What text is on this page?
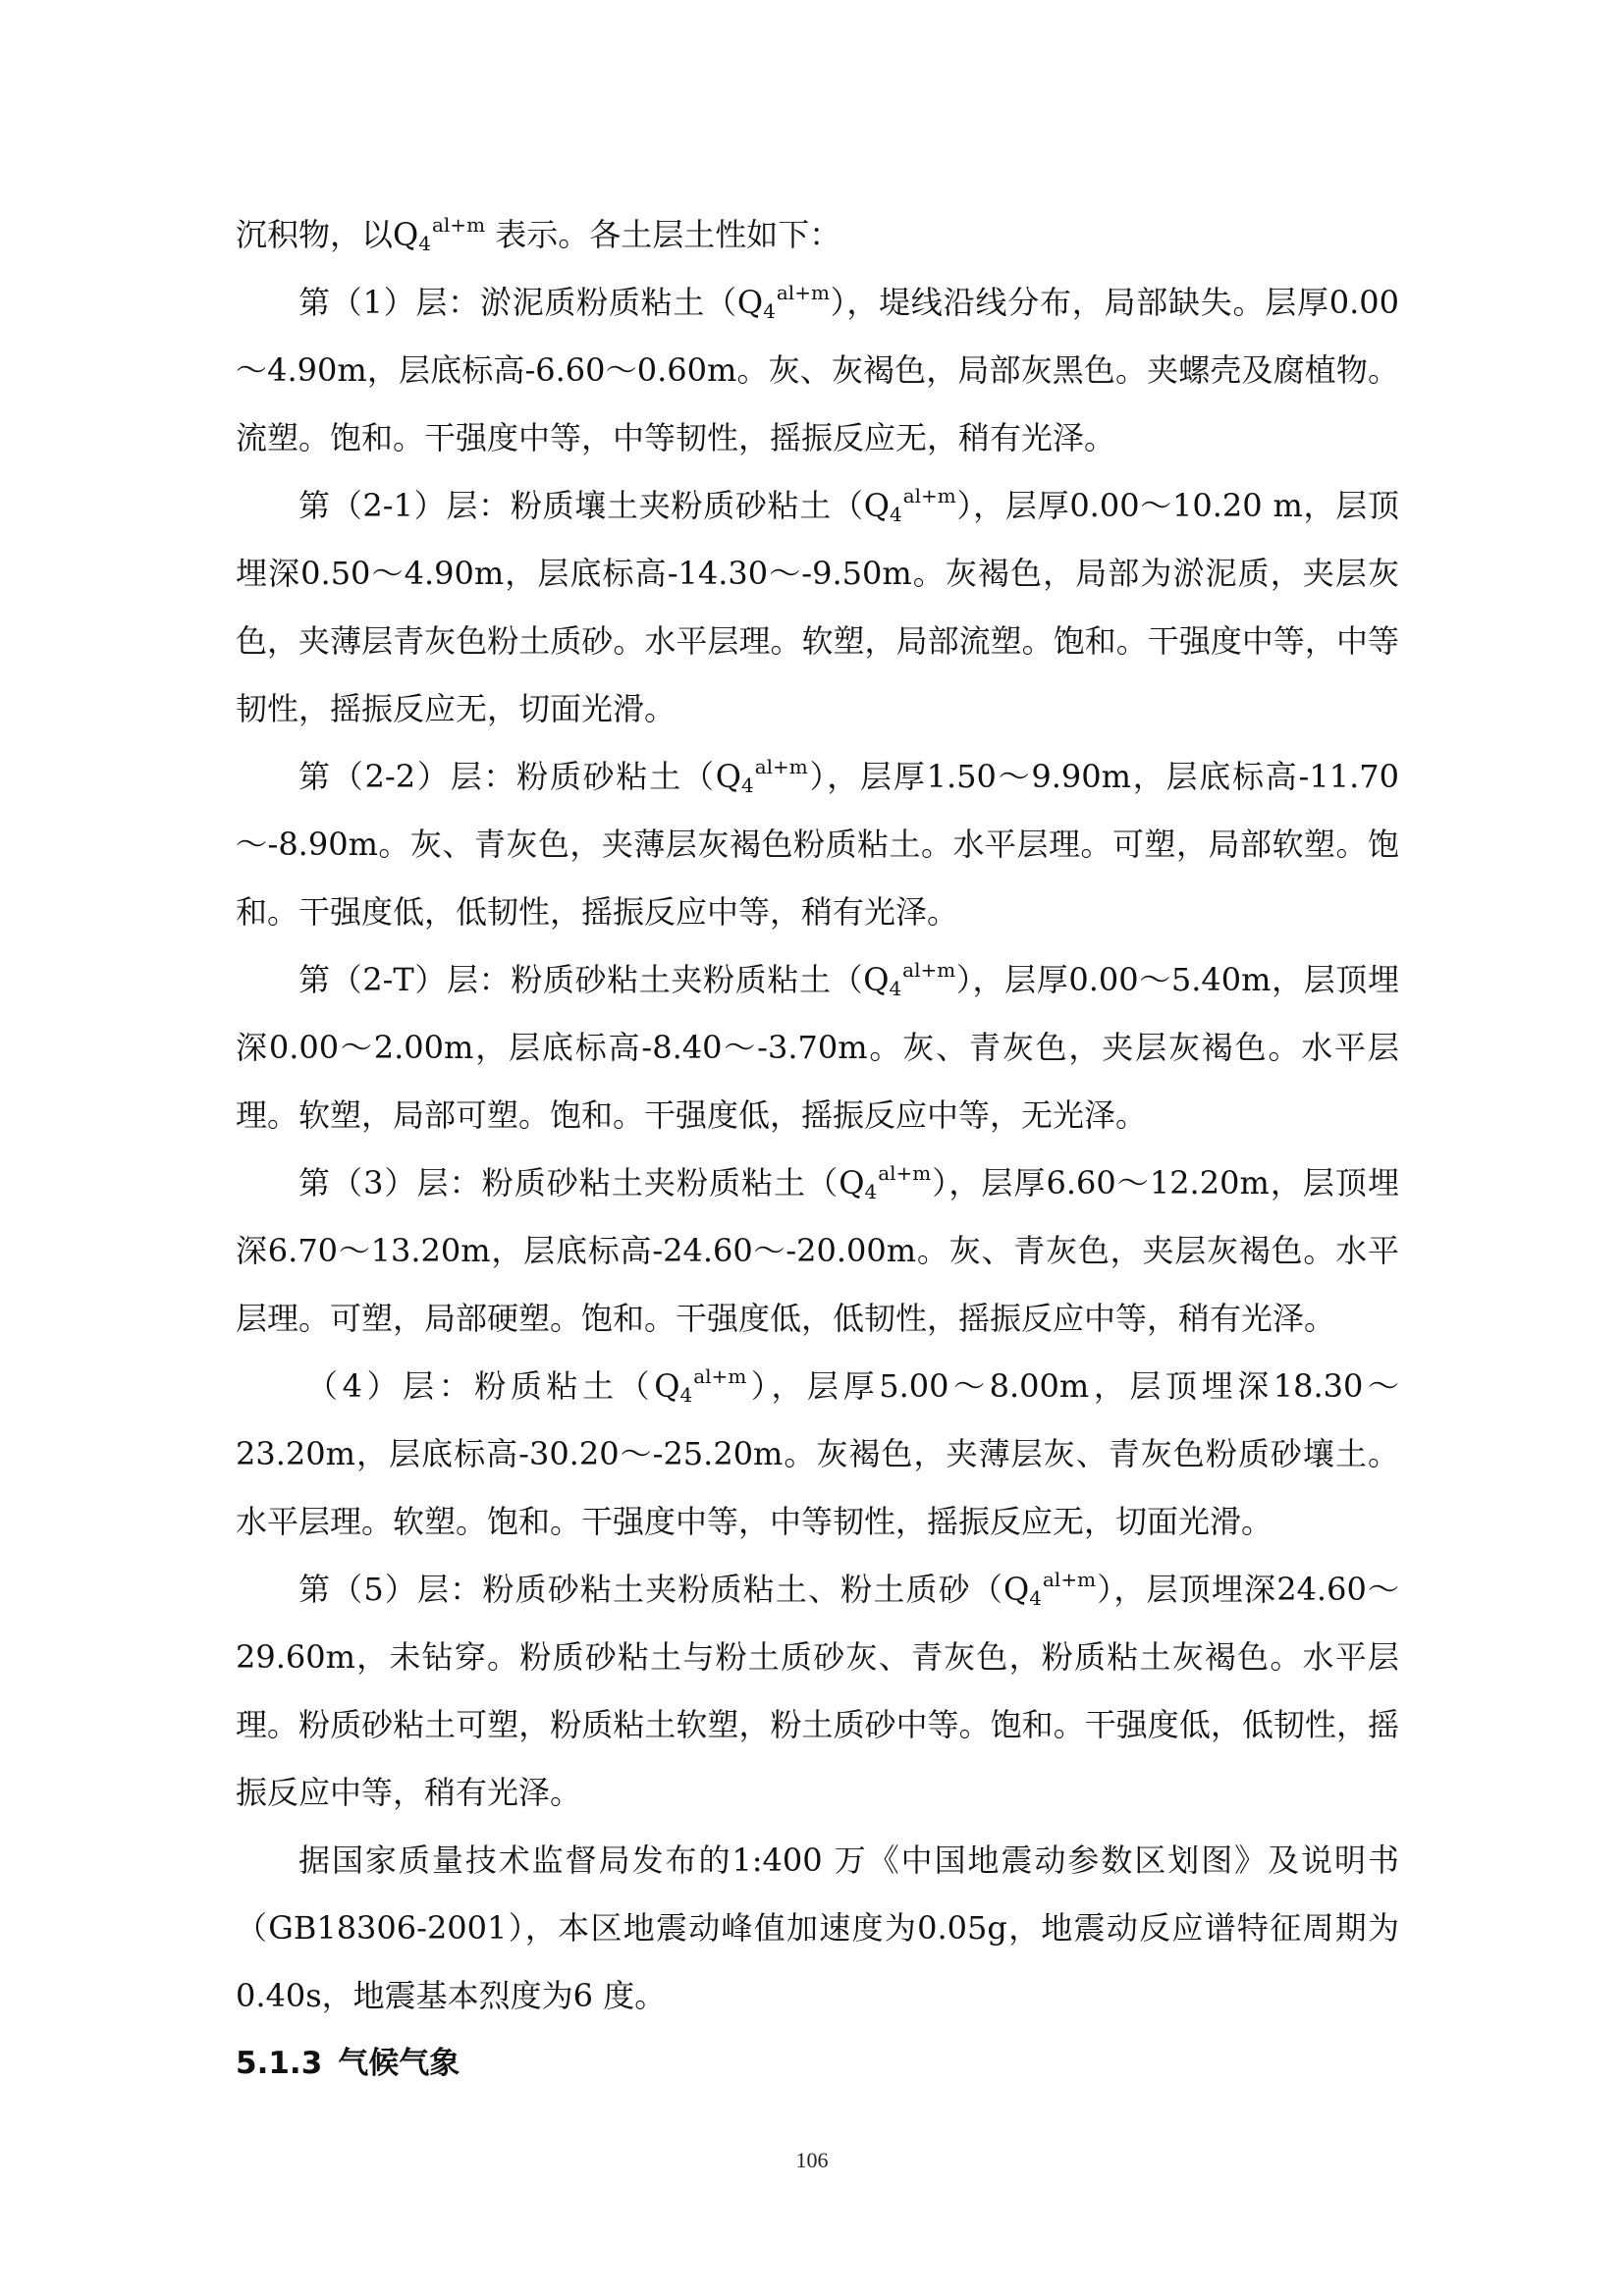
沉积物，以$Q_4^{al+m}$ 表示。各土层土性如下：

第（1）层：淤泥质粉质粘土$(Q_4^{al+m})$，堤线沿线分布，局部缺失。层厚0.00～4.90m，层底标高-6.60～0.60m。灰、灰褐色，局部灰黑色。夹螺壳及腐植物。流塑。饱和。干强度中等，中等韧性，摇振反应无，稍有光泽。

第（2-1）层：粉质壤土夹粉质砂粘土$(Q_4^{al+m})$，层厚0.00～10.20 m，层顶埋深0.50～4.90m，层底标高-14.30～-9.50m。灰褐色，局部为淤泥质，夹层灰色，夹薄层青灰色粉土质砂。水平层理。软塑，局部流塑。饱和。干强度中等，中等韧性，摇振反应无，切面光滑。

第（2-2）层：粉质砂粘土$(Q_4^{al+m})$，层厚1.50～9.90m，层底标高-11.70～-8.90m。灰、青灰色，夹薄层灰褐色粉质粘土。水平层理。可塑，局部软塑。饱和。干强度低，低韧性，摇振反应中等，稍有光泽。

第（2-T）层：粉质砂粘土夹粉质粘土$(Q_4^{al+m})$，层厚0.00～5.40m，层顶埋深0.00～2.00m，层底标高-8.40～-3.70m。灰、青灰色，夹层灰褐色。水平层理。软塑，局部可塑。饱和。干强度低，摇振反应中等，无光泽。

第（3）层：粉质砂粘土夹粉质粘土$(Q_4^{al+m})$，层厚6.60～12.20m，层顶埋深6.70～13.20m，层底标高-24.60～-20.00m。灰、青灰色，夹层灰褐色。水平层理。可塑，局部硬塑。饱和。干强度低，低韧性，摇振反应中等，稍有光泽。

（4）层：粉质粘土$(Q_4^{al+m})$，层厚5.00～8.00m，层顶埋深18.30～23.20m，层底标高-30.20～-25.20m。灰褐色，夹薄层灰、青灰色粉质砂壤土。水平层理。软塑。饱和。干强度中等，中等韧性，摇振反应无，切面光滑。

第（5）层：粉质砂粘土夹粉质粘土、粉土质砂$(Q_4^{al+m})$，层顶埋深24.60～29.60m，未钻穿。粉质砂粘土与粉土质砂灰、青灰色，粉质粘土灰褐色。水平层理。粉质砂粘土可塑，粉质粘土软塑，粉土质砂中等。饱和。干强度低，低韧性，摇振反应中等，稍有光泽。

据国家质量技术监督局发布的1:400 万《中国地震动参数区划图》及说明书（GB18306-2001），本区地震动峰值加速度为0.05g，地震动反应谱特征周期为0.40s，地震基本烈度为6 度。

5.1.3 气候气象

106
